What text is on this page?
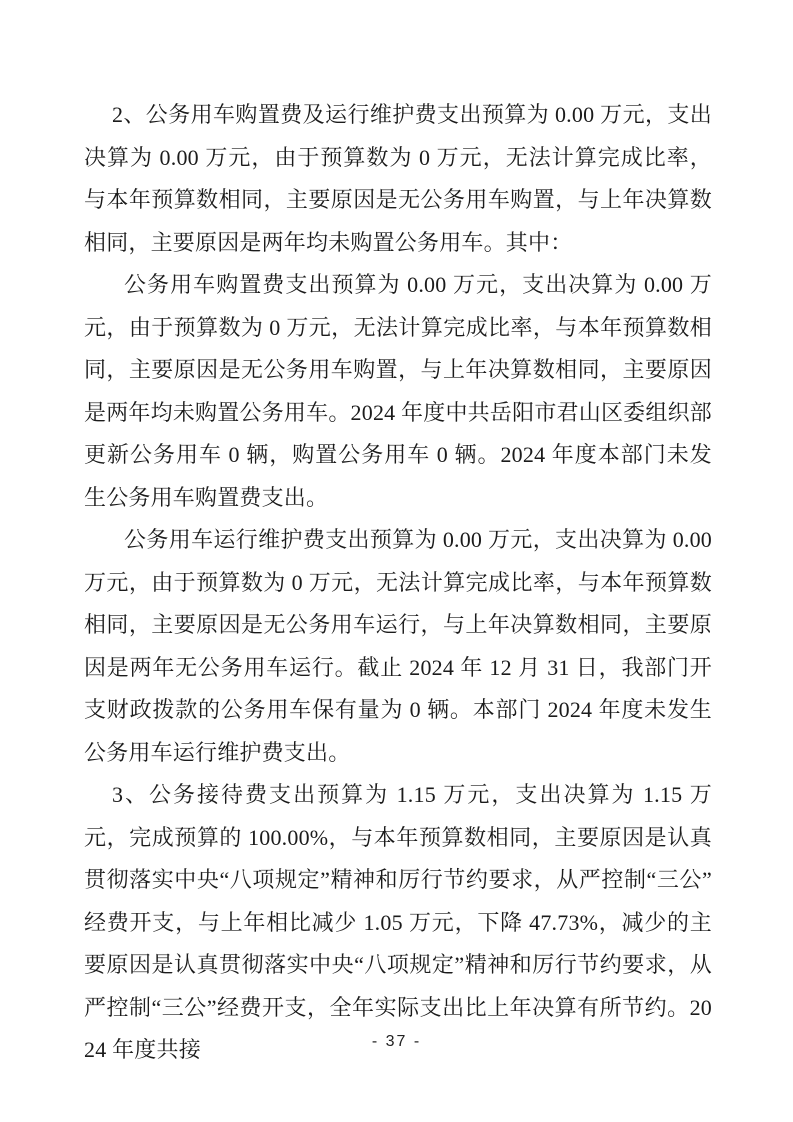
2、公务用车购置费及运行维护费支出预算为 0.00 万元，支出决算为 0.00 万元，由于预算数为 0 万元，无法计算完成比率，与本年预算数相同，主要原因是无公务用车购置，与上年决算数相同，主要原因是两年均未购置公务用车。其中：

公务用车购置费支出预算为 0.00 万元，支出决算为 0.00 万元，由于预算数为 0 万元，无法计算完成比率，与本年预算数相同，主要原因是无公务用车购置，与上年决算数相同，主要原因是两年均未购置公务用车。2024 年度中共岳阳市君山区委组织部更新公务用车 0 辆，购置公务用车 0 辆。2024 年度本部门未发生公务用车购置费支出。

公务用车运行维护费支出预算为 0.00 万元，支出决算为 0.00 万元，由于预算数为 0 万元，无法计算完成比率，与本年预算数相同，主要原因是无公务用车运行，与上年决算数相同，主要原因是两年无公务用车运行。截止 2024 年 12 月 31 日，我部门开支财政拨款的公务用车保有量为 0 辆。本部门 2024 年度未发生公务用车运行维护费支出。

3、公务接待费支出预算为 1.15 万元，支出决算为 1.15 万元，完成预算的 100.00%，与本年预算数相同，主要原因是认真贯彻落实中央“八项规定”精神和厉行节约要求，从严控制“三公”经费开支，与上年相比减少 1.05 万元，下降 47.73%，减少的主要原因是认真贯彻落实中央“八项规定”精神和厉行节约要求，从严控制“三公”经费开支，全年实际支出比上年决算有所节约。2024 年度共接	- 37 -
